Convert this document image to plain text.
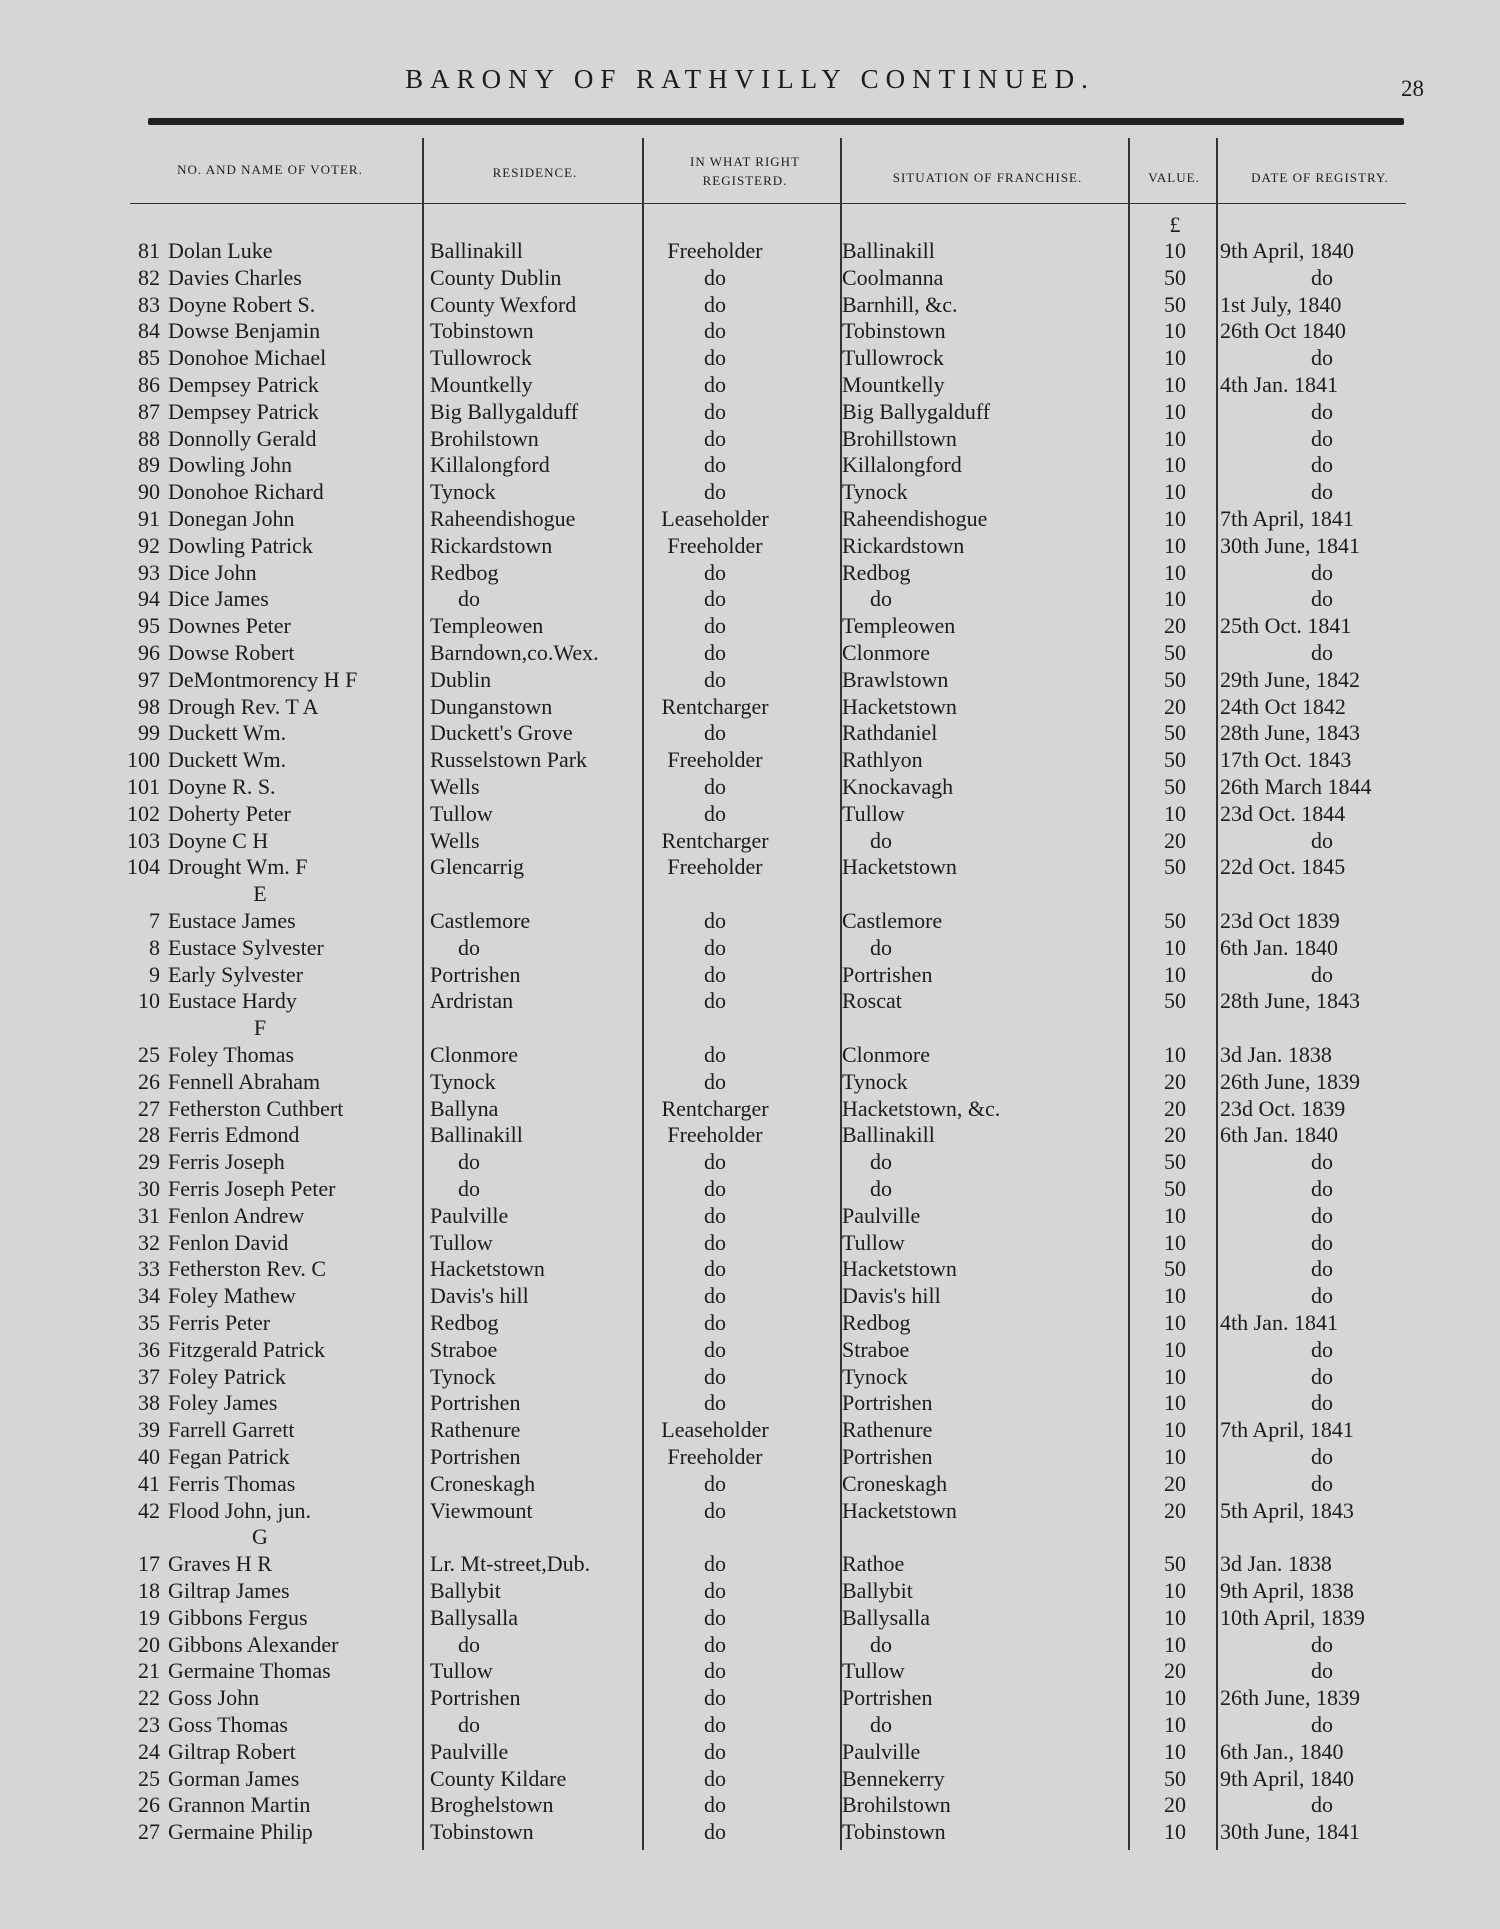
BARONY OF RATHVILLY CONTINUED.	28
NO. AND NAME OF VOTER.	RESIDENCE.
IN WHAT RIGHT
REGISTERD.	SITUATION OF FRANCHISE.	VALUE.	DATE OF REGISTRY.
£
81 Dolan Luke	Ballinakill	Freeholder	Ballinakill	10	9th April, 1840
82 Davies Charles	County Dublin	do	Coolmanna	50	do
83 Doyne Robert S.	County Wexford	do	Barnhill, &c.	50	1st July, 1840
84 Dowse Benjamin	Tobinstown	do	Tobinstown	10	26th Oct 1840
85 Donohoe Michael	Tullowrock	do	Tullowrock	10	do
86 Dempsey Patrick	Mountkelly	do	Mountkelly	10	4th Jan. 1841
87 Dempsey Patrick	Big Ballygalduff	do	Big Ballygalduff	10	do
88 Donnolly Gerald	Brohilstown	do	Brohillstown	10	do
89 Dowling John	Killalongford	do	Killalongford	10	do
90 Donohoe Richard	Tynock	do	Tynock	10	do
91 Donegan John	Raheendishogue	Leaseholder	Raheendishogue	10	7th April, 1841
92 Dowling Patrick	Rickardstown	Freeholder	Rickardstown	10	30th June, 1841
93 Dice John	Redbog	do	Redbog	10	do
94 Dice James	do	do	do	10	do
95 Downes Peter	Templeowen	do	Templeowen	20	25th Oct. 1841
96 Dowse Robert	Barndown,co.Wex.	do	Clonmore	50	do
97 DeMontmorency H F	Dublin	do	Brawlstown	50	29th June, 1842
98 Drough Rev. T A	Dunganstown	Rentcharger	Hacketstown	20	24th Oct 1842
99 Duckett Wm.	Duckett's Grove	do	Rathdaniel	50	28th June, 1843
100 Duckett Wm.	Russelstown Park	Freeholder	Rathlyon	50	17th Oct. 1843
101 Doyne R. S.	Wells	do	Knockavagh	50	26th March 1844
102 Doherty Peter	Tullow	do	Tullow	10	23d Oct. 1844
103 Doyne C H	Wells	Rentcharger	do	20	do
104 Drought Wm. F	Glencarrig	Freeholder	Hacketstown	50	22d Oct. 1845
E
7 Eustace James	Castlemore	do	Castlemore	50	23d Oct 1839
8 Eustace Sylvester	do	do	do	10	6th Jan. 1840
9 Early Sylvester	Portrishen	do	Portrishen	10	do
10 Eustace Hardy	Ardristan	do	Roscat	50	28th June, 1843
F
25 Foley Thomas	Clonmore	do	Clonmore	10	3d Jan. 1838
26 Fennell Abraham	Tynock	do	Tynock	20	26th June, 1839
27 Fetherston Cuthbert	Ballyna	Rentcharger	Hacketstown, &c.	20	23d Oct. 1839
28 Ferris Edmond	Ballinakill	Freeholder	Ballinakill	20	6th Jan. 1840
29 Ferris Joseph	do	do	do	50	do
30 Ferris Joseph Peter	do	do	do	50	do
31 Fenlon Andrew	Paulville	do	Paulville	10	do
32 Fenlon David	Tullow	do	Tullow	10	do
33 Fetherston Rev. C	Hacketstown	do	Hacketstown	50	do
34 Foley Mathew	Davis's hill	do	Davis's hill	10	do
35 Ferris Peter	Redbog	do	Redbog	10	4th Jan. 1841
36 Fitzgerald Patrick	Straboe	do	Straboe	10	do
37 Foley Patrick	Tynock	do	Tynock	10	do
38 Foley James	Portrishen	do	Portrishen	10	do
39 Farrell Garrett	Rathenure	Leaseholder	Rathenure	10	7th April, 1841
40 Fegan Patrick	Portrishen	Freeholder	Portrishen	10	do
41 Ferris Thomas	Croneskagh	do	Croneskagh	20	do
42 Flood John, jun.	Viewmount	do	Hacketstown	20	5th April, 1843
G
17 Graves H R	Lr. Mt-street,Dub.	do	Rathoe	50	3d Jan. 1838
18 Giltrap James	Ballybit	do	Ballybit	10	9th April, 1838
19 Gibbons Fergus	Ballysalla	do	Ballysalla	10	10th April, 1839
20 Gibbons Alexander	do	do	do	10	do
21 Germaine Thomas	Tullow	do	Tullow	20	do
22 Goss John	Portrishen	do	Portrishen	10	26th June, 1839
23 Goss Thomas	do	do	do	10	do
24 Giltrap Robert	Paulville	do	Paulville	10	6th Jan., 1840
25 Gorman James	County Kildare	do	Bennekerry	50	9th April, 1840
26 Grannon Martin	Broghelstown	do	Brohilstown	20	do
27 Germaine Philip	Tobinstown	do	Tobinstown	10	30th June, 1841
